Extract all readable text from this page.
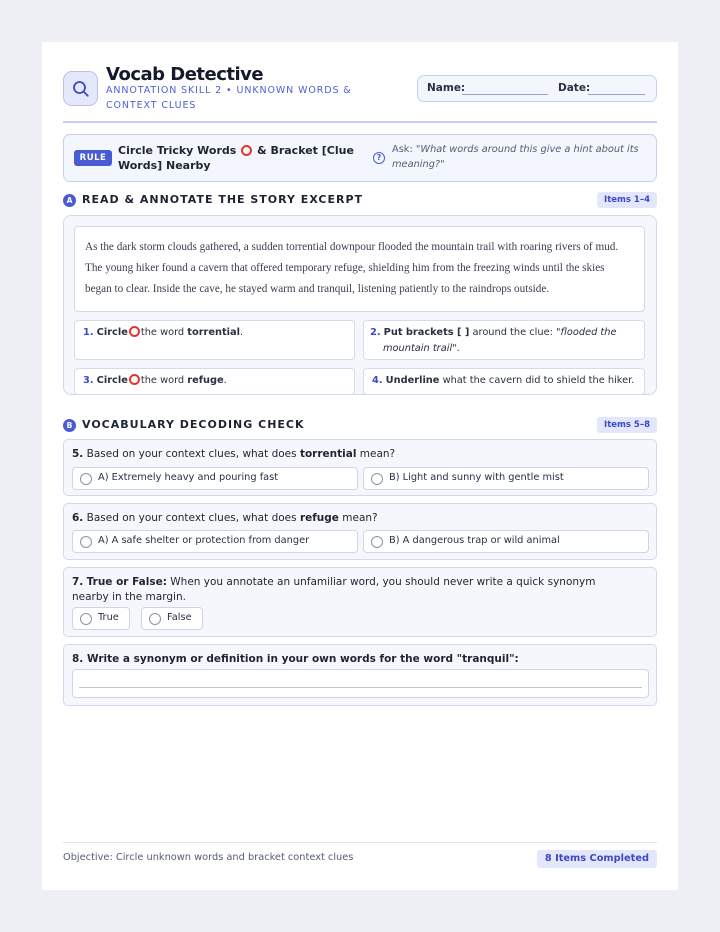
Vocab Detective
ANNOTATION SKILL 2 • UNKNOWN WORDS & CONTEXT CLUES
Name:	Date:
RULE
Circle Tricky Words & Bracket [Clue Words] Nearby
?
Ask: "What words around this give a hint about its meaning?"
A READ & ANNOTATE THE STORY EXCERPT	Items 1–4
As the dark storm clouds gathered, a sudden torrential downpour flooded the mountain trail with roaring rivers of mud. The young hiker found a cavern that offered temporary refuge, shielding him from the freezing winds until the skies began to clear. Inside the cave, he stayed warm and tranquil, listening patiently to the raindrops outside.
1. Circle the word torrential.	2. Put brackets [ ] around the clue: "flooded the mountain trail".
3. Circle the word refuge.	4. Underline what the cavern did to shield the hiker.
B VOCABULARY DECODING CHECK	Items 5–8
5. Based on your context clues, what does torrential mean?
A) Extremely heavy and pouring fast	B) Light and sunny with gentle mist
6. Based on your context clues, what does refuge mean?
A) A safe shelter or protection from danger	B) A dangerous trap or wild animal
7. True or False: When you annotate an unfamiliar word, you should never write a quick synonym nearby in the margin.
True	False
8. Write a synonym or definition in your own words for the word "tranquil":
Objective: Circle unknown words and bracket context clues	8 Items Completed
